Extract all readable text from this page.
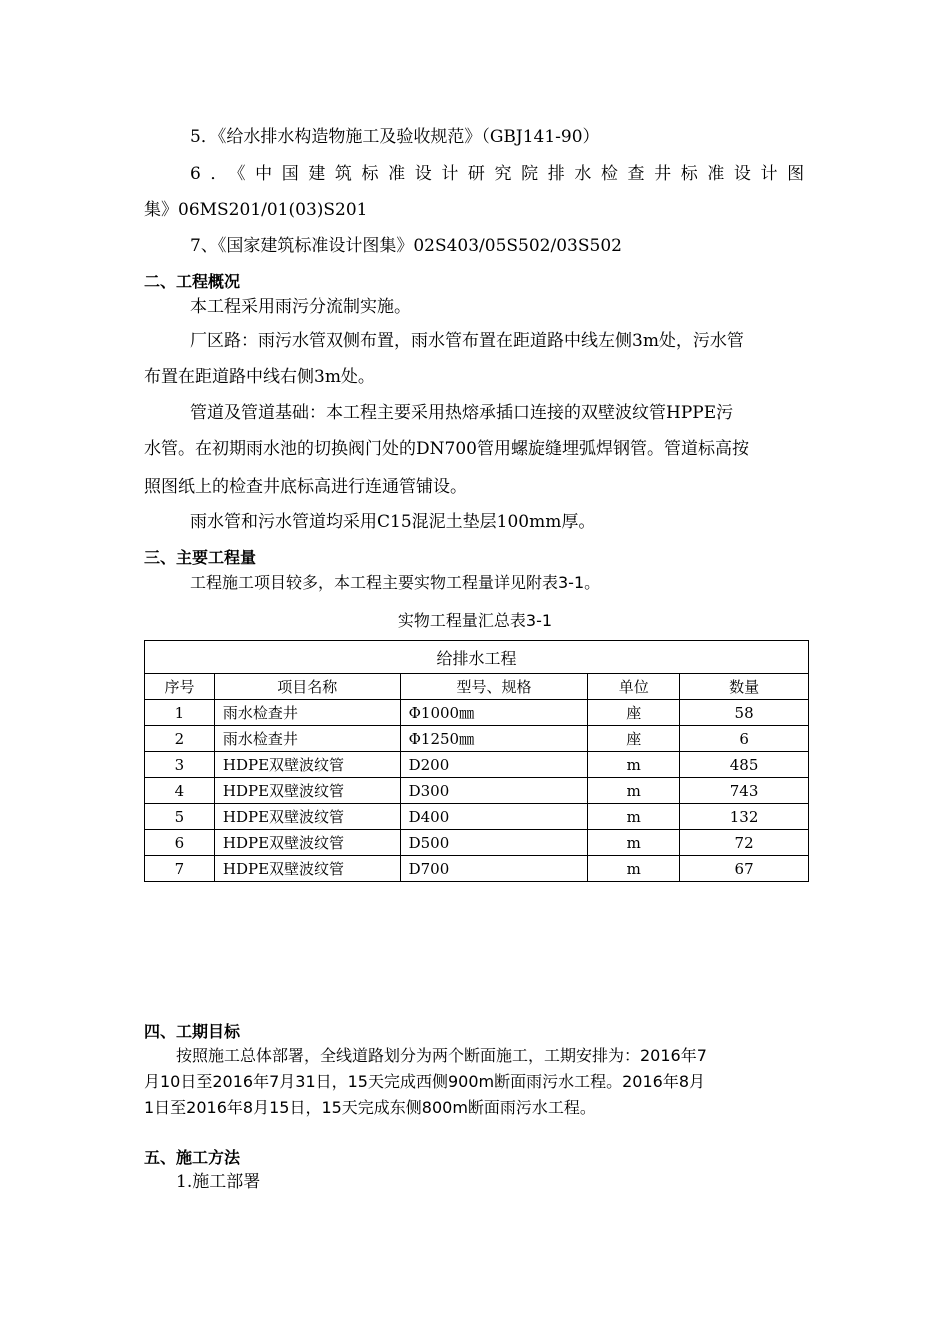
5．《给水排水构造物施工及验收规范》（GBJ141-90）
6．《中国建筑标准设计研究院排水检查井标准设计图
集》06MS201/01(03)S201
7、《国家建筑标准设计图集》02S403/05S502/03S502
二、工程概况
本工程采用雨污分流制实施。
厂区路：雨污水管双侧布置，雨水管布置在距道路中线左侧3m处，污水管
布置在距道路中线右侧3m处。
管道及管道基础：本工程主要采用热熔承插口连接的双壁波纹管HPPE污
水管。在初期雨水池的切换阀门处的DN700管用螺旋缝埋弧焊钢管。管道标高按
照图纸上的检查井底标高进行连通管铺设。
雨水管和污水管道均采用C15混泥土垫层100mm厚。
三、主要工程量
工程施工项目较多，本工程主要实物工程量详见附表3-1。
实物工程量汇总表3-1
给排水工程				
序号	项目名称	型号、规格	单位	数量
1	雨水检查井	Φ1000㎜	座	58
2	雨水检查井	Φ1250㎜	座	6
3	HDPE双壁波纹管	D200	m	485
4	HDPE双壁波纹管	D300	m	743
5	HDPE双壁波纹管	D400	m	132
6	HDPE双壁波纹管	D500	m	72
7	HDPE双壁波纹管	D700	m	67
四、工期目标
按照施工总体部署，全线道路划分为两个断面施工，工期安排为：2016年7
月10日至2016年7月31日，15天完成西侧900m断面雨污水工程。2016年8月
1日至2016年8月15日，15天完成东侧800m断面雨污水工程。
五、施工方法
1.施工部署
